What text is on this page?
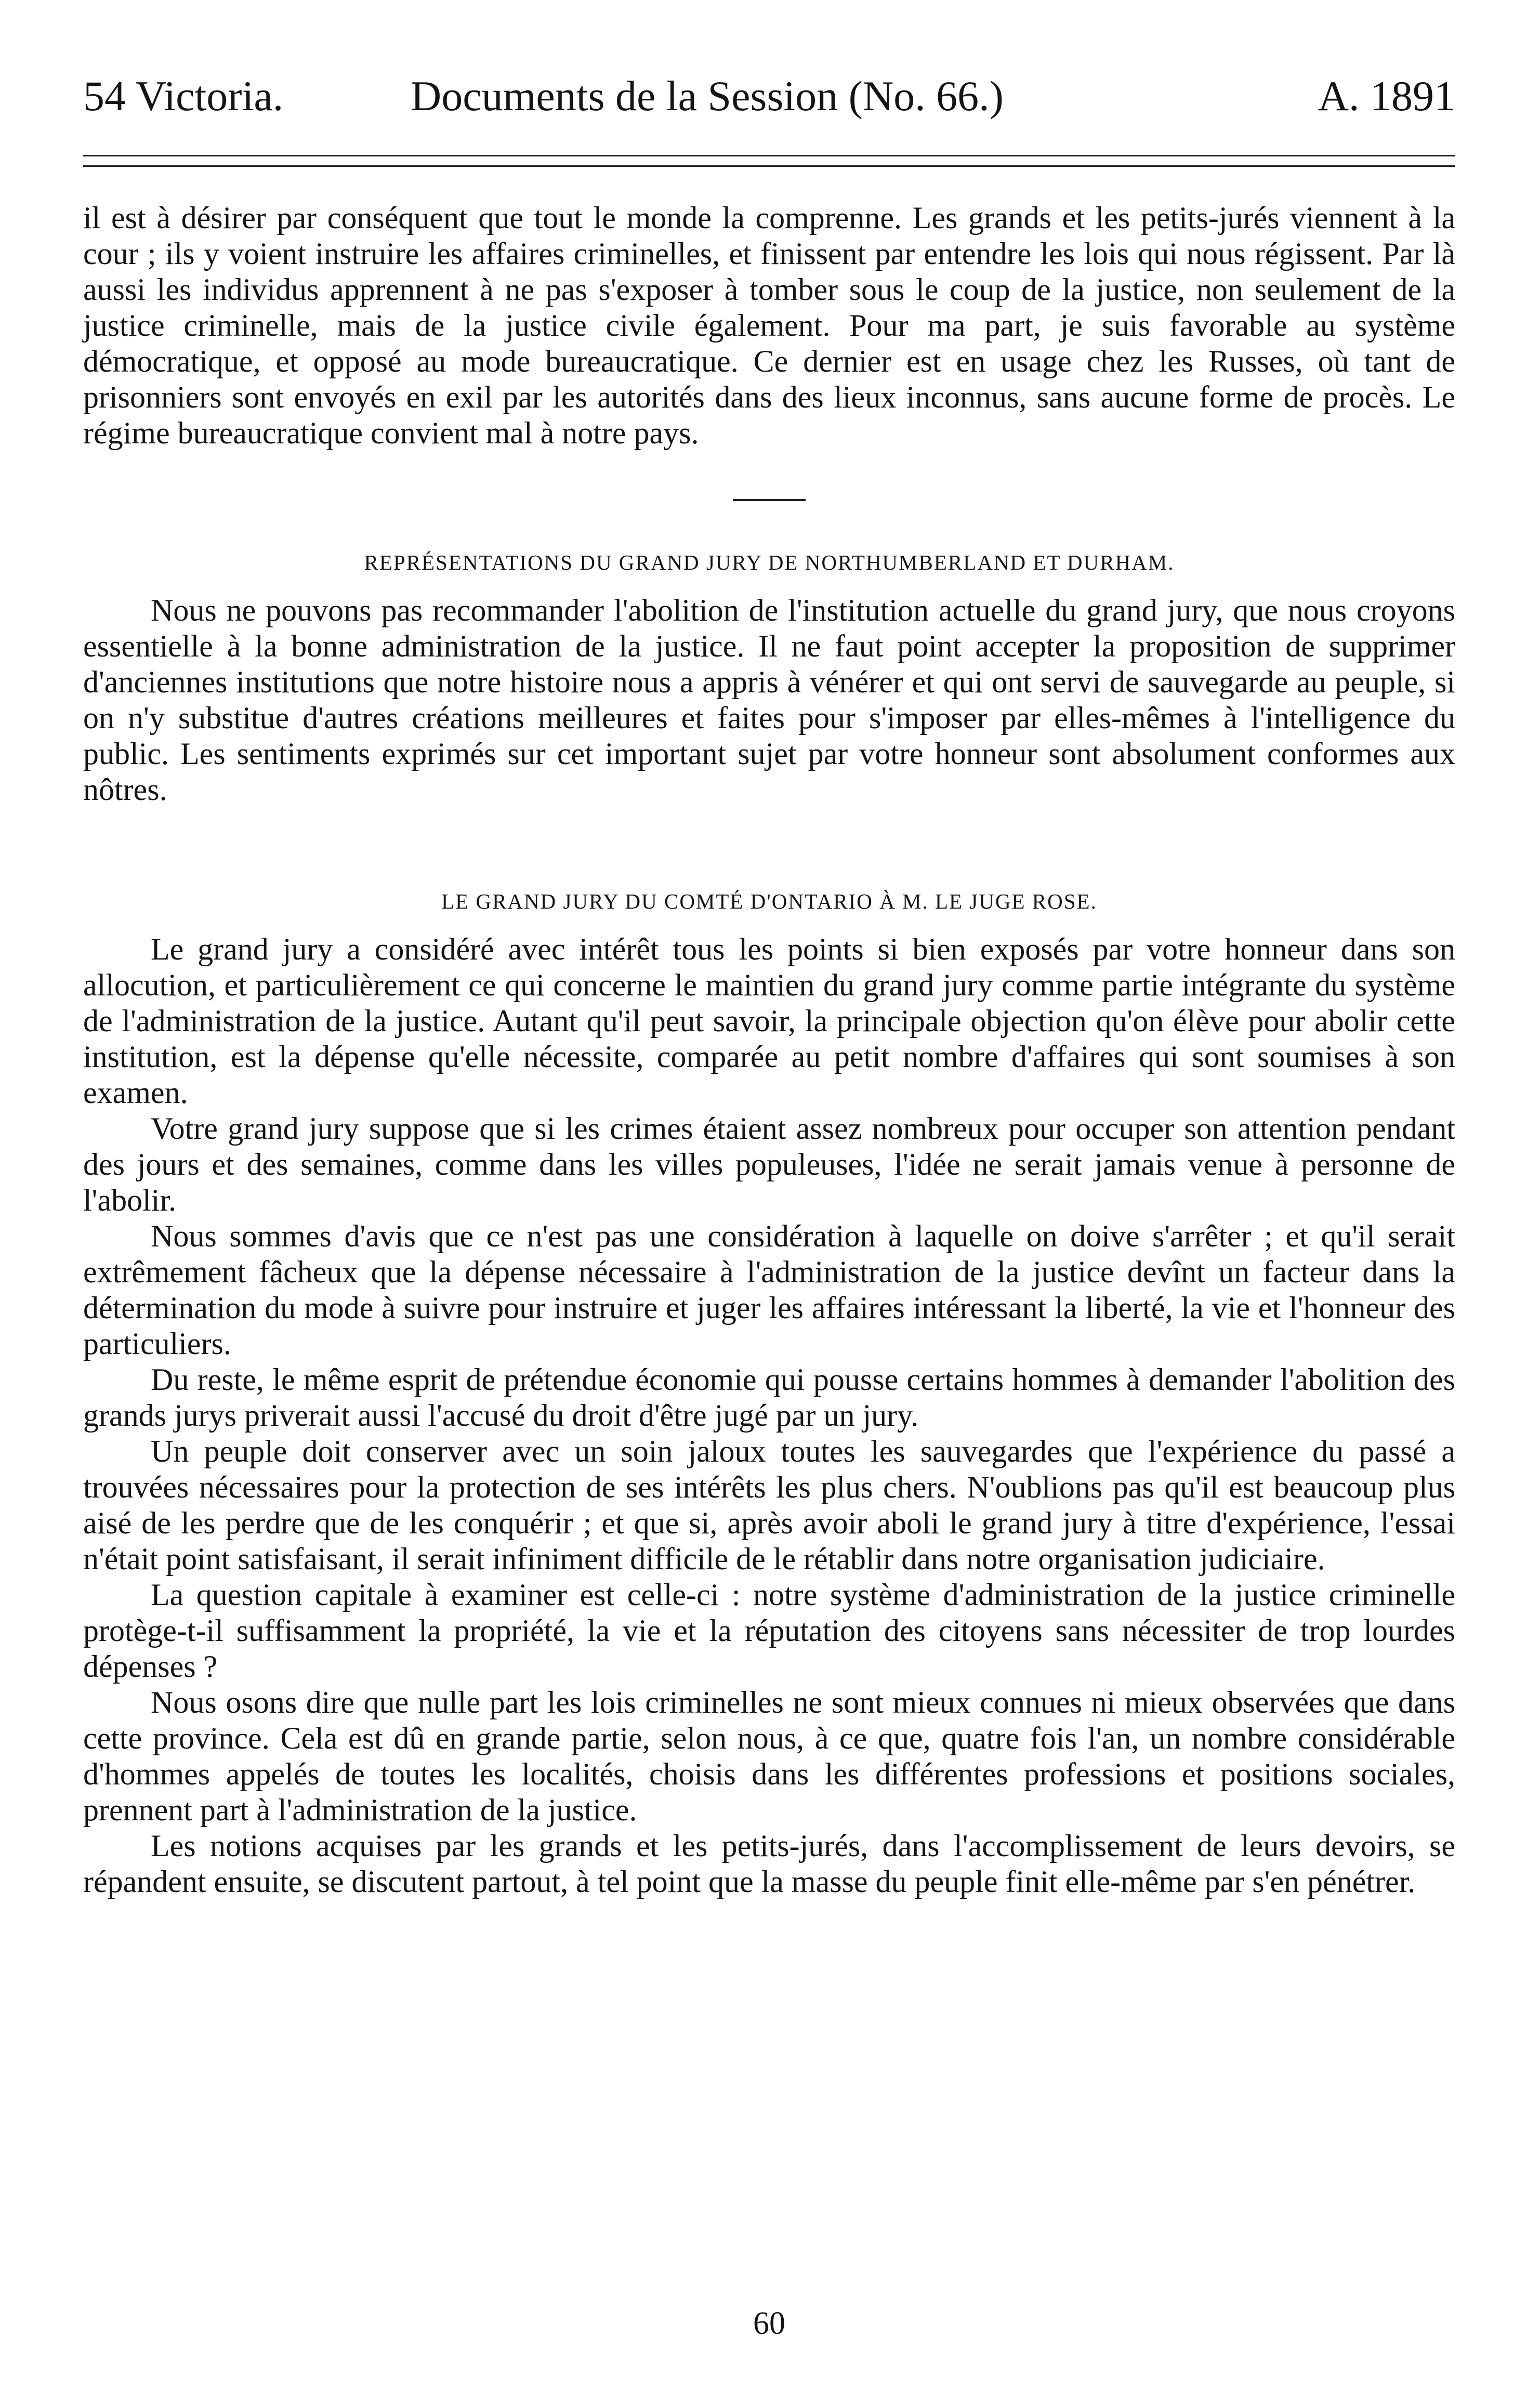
54 Victoria.	Documents de la Session (No. 66.)	A. 1891

il est à désirer par conséquent que tout le monde la comprenne. Les grands et les petits-jurés viennent à la cour ; ils y voient instruire les affaires criminelles, et finissent par entendre les lois qui nous régissent. Par là aussi les individus apprennent à ne pas s'exposer à tomber sous le coup de la justice, non seulement de la justice criminelle, mais de la justice civile également. Pour ma part, je suis favorable au système démocratique, et opposé au mode bureaucratique. Ce dernier est en usage chez les Russes, où tant de prisonniers sont envoyés en exil par les autorités dans des lieux inconnus, sans aucune forme de procès. Le régime bureaucratique convient mal à notre pays.

REPRÉSENTATIONS DU GRAND JURY DE NORTHUMBERLAND ET DURHAM.

Nous ne pouvons pas recommander l'abolition de l'institution actuelle du grand jury, que nous croyons essentielle à la bonne administration de la justice. Il ne faut point accepter la proposition de supprimer d'anciennes institutions que notre histoire nous a appris à vénérer et qui ont servi de sauvegarde au peuple, si on n'y substitue d'autres créations meilleures et faites pour s'imposer par elles-mêmes à l'intelligence du public. Les sentiments exprimés sur cet important sujet par votre honneur sont absolument conformes aux nôtres.

LE GRAND JURY DU COMTÉ D'ONTARIO À M. LE JUGE ROSE.

Le grand jury a considéré avec intérêt tous les points si bien exposés par votre honneur dans son allocution, et particulièrement ce qui concerne le maintien du grand jury comme partie intégrante du système de l'administration de la justice. Autant qu'il peut savoir, la principale objection qu'on élève pour abolir cette institution, est la dépense qu'elle nécessite, comparée au petit nombre d'affaires qui sont soumises à son examen.

Votre grand jury suppose que si les crimes étaient assez nombreux pour occuper son attention pendant des jours et des semaines, comme dans les villes populeuses, l'idée ne serait jamais venue à personne de l'abolir.

Nous sommes d'avis que ce n'est pas une considération à laquelle on doive s'arrêter ; et qu'il serait extrêmement fâcheux que la dépense nécessaire à l'administration de la justice devînt un facteur dans la détermination du mode à suivre pour instruire et juger les affaires intéressant la liberté, la vie et l'honneur des particuliers.

Du reste, le même esprit de prétendue économie qui pousse certains hommes à demander l'abolition des grands jurys priverait aussi l'accusé du droit d'être jugé par un jury.

Un peuple doit conserver avec un soin jaloux toutes les sauvegardes que l'expérience du passé a trouvées nécessaires pour la protection de ses intérêts les plus chers. N'oublions pas qu'il est beaucoup plus aisé de les perdre que de les conquérir ; et que si, après avoir aboli le grand jury à titre d'expérience, l'essai n'était point satisfaisant, il serait infiniment difficile de le rétablir dans notre organisation judiciaire.

La question capitale à examiner est celle-ci : notre système d'administration de la justice criminelle protège-t-il suffisamment la propriété, la vie et la réputation des citoyens sans nécessiter de trop lourdes dépenses ?

Nous osons dire que nulle part les lois criminelles ne sont mieux connues ni mieux observées que dans cette province. Cela est dû en grande partie, selon nous, à ce que, quatre fois l'an, un nombre considérable d'hommes appelés de toutes les localités, choisis dans les différentes professions et positions sociales, prennent part à l'administration de la justice.

Les notions acquises par les grands et les petits-jurés, dans l'accomplissement de leurs devoirs, se répandent ensuite, se discutent partout, à tel point que la masse du peuple finit elle-même par s'en pénétrer.

60
